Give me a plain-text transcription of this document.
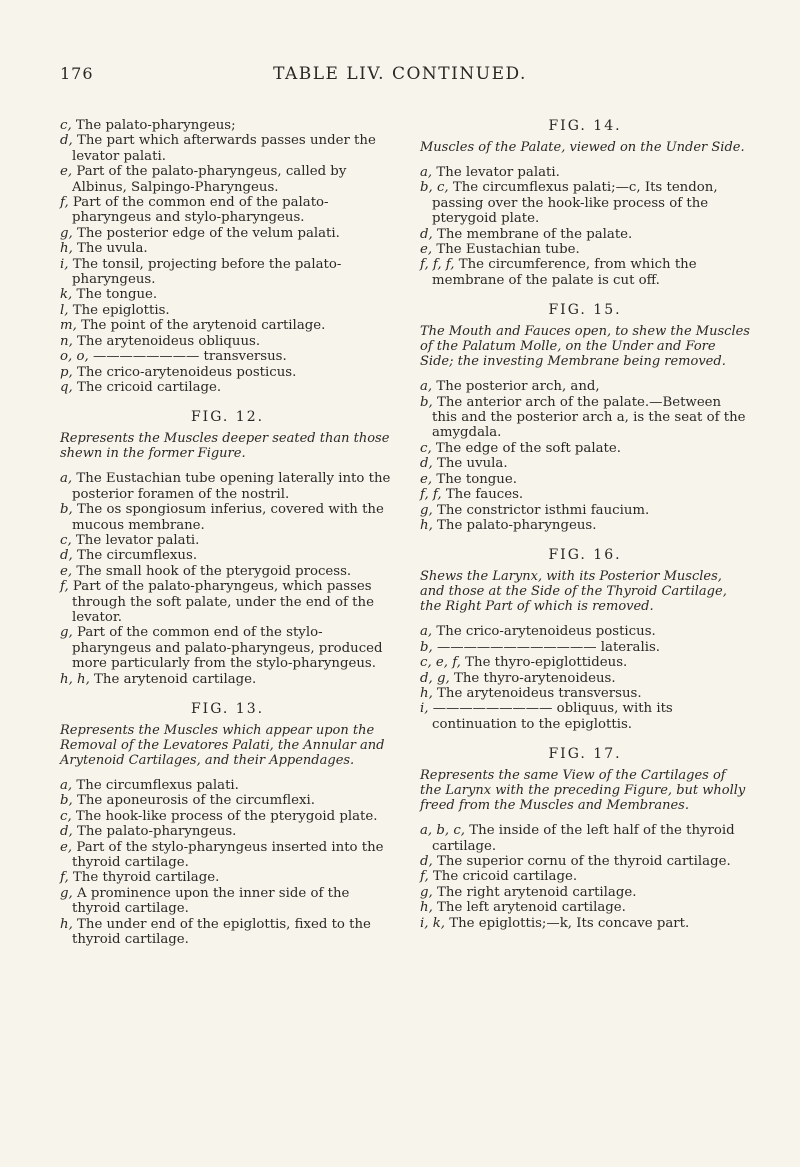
176	TABLE LIV. CONTINUED.

c, The palato-pharyngeus;

d, The part which afterwards passes under the levator palati.

e, Part of the palato-pharyngeus, called by Albinus, Salpingo-Pharyngeus.

f, Part of the common end of the palato-pharyngeus and stylo-pharyngeus.

g, The posterior edge of the velum palati.

h, The uvula.

i, The tonsil, projecting before the palato-pharyngeus.

k, The tongue.

l, The epiglottis.

m, The point of the arytenoid cartilage.

n, The arytenoideus obliquus.

o, o, ———————— transversus.

p, The crico-arytenoideus posticus.

q, The cricoid cartilage.

FIG. 12.

Represents the Muscles deeper seated than those shewn in the former Figure.

a, The Eustachian tube opening laterally into the posterior foramen of the nostril.

b, The os spongiosum inferius, covered with the mucous membrane.

c, The levator palati.

d, The circumflexus.

e, The small hook of the pterygoid process.

f, Part of the palato-pharyngeus, which passes through the soft palate, under the end of the levator.

g, Part of the common end of the stylo-pharyngeus and palato-pharyngeus, produced more particularly from the stylo-pharyngeus.

h, h, The arytenoid cartilage.

FIG. 13.

Represents the Muscles which appear upon the Removal of the Levatores Palati, the Annular and Arytenoid Cartilages, and their Appendages.

a, The circumflexus palati.

b, The aponeurosis of the circumflexi.

c, The hook-like process of the pterygoid plate.

d, The palato-pharyngeus.

e, Part of the stylo-pharyngeus inserted into the thyroid cartilage.

f, The thyroid cartilage.

g, A prominence upon the inner side of the thyroid cartilage.

h, The under end of the epiglottis, fixed to the thyroid cartilage.

FIG. 14.

Muscles of the Palate, viewed on the Under Side.

a, The levator palati.

b, c, The circumflexus palati;—c, Its tendon, passing over the hook-like process of the pterygoid plate.

d, The membrane of the palate.

e, The Eustachian tube.

f, f, f, The circumference, from which the membrane of the palate is cut off.

FIG. 15.

The Mouth and Fauces open, to shew the Muscles of the Palatum Molle, on the Under and Fore Side; the investing Membrane being removed.

a, The posterior arch, and,

b, The anterior arch of the palate.—Between this and the posterior arch a, is the seat of the amygdala.

c, The edge of the soft palate.

d, The uvula.

e, The tongue.

f, f, The fauces.

g, The constrictor isthmi faucium.

h, The palato-pharyngeus.

FIG. 16.

Shews the Larynx, with its Posterior Muscles, and those at the Side of the Thyroid Cartilage, the Right Part of which is removed.

a, The crico-arytenoideus posticus.

b, ———————————— lateralis.

c, e, f, The thyro-epiglottideus.

d, g, The thyro-arytenoideus.

h, The arytenoideus transversus.

i, ————————— obliquus, with its continuation to the epiglottis.

FIG. 17.

Represents the same View of the Cartilages of the Larynx with the preceding Figure, but wholly freed from the Muscles and Membranes.

a, b, c, The inside of the left half of the thyroid cartilage.

d, The superior cornu of the thyroid cartilage.

f, The cricoid cartilage.

g, The right arytenoid cartilage.

h, The left arytenoid cartilage.

i, k, The epiglottis;—k, Its concave part.
